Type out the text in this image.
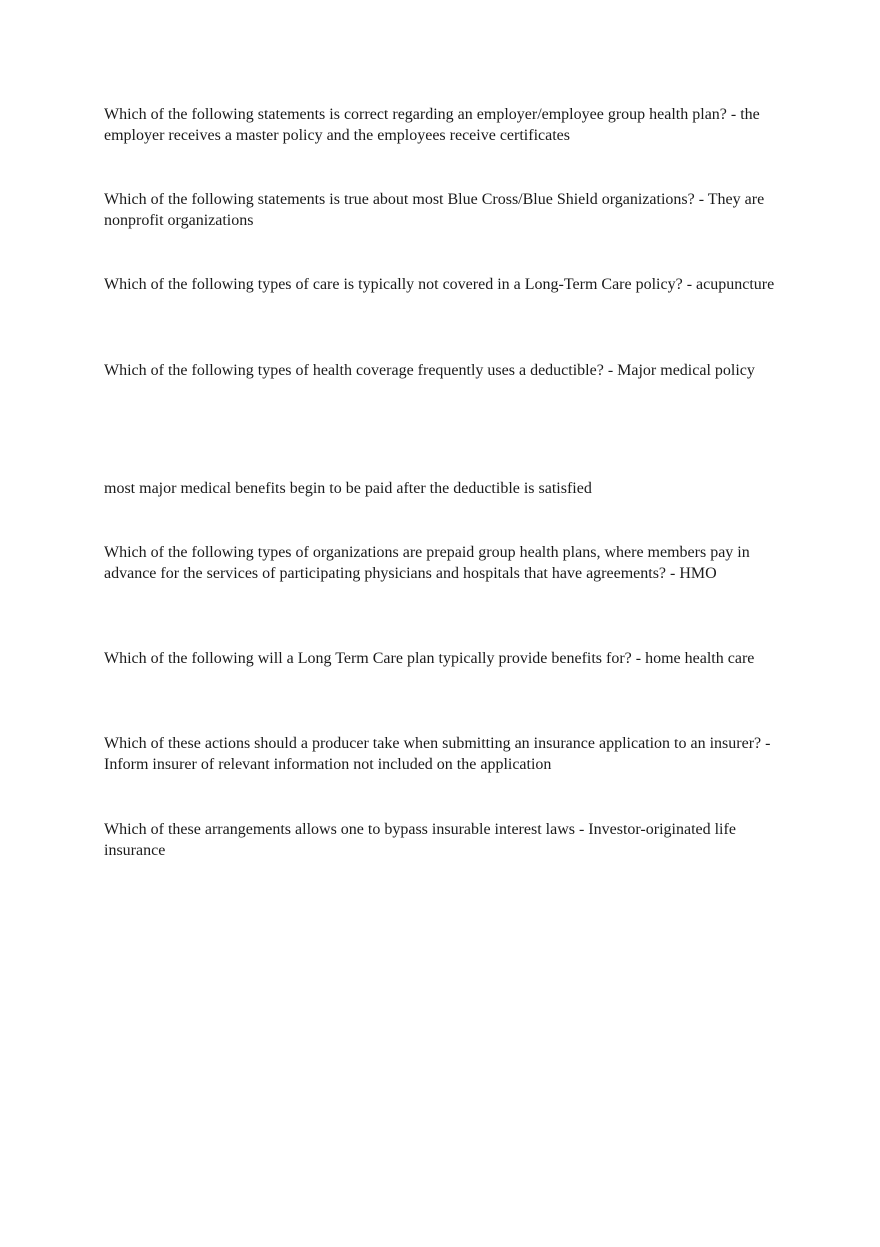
Which of the following statements is correct regarding an employer/employee group health plan? - the employer receives a master policy and the employees receive certificates

Which of the following statements is true about most Blue Cross/Blue Shield organizations? - They are nonprofit organizations

Which of the following types of care is typically not covered in a Long-Term Care policy? - acupuncture

Which of the following types of health coverage frequently uses a deductible? - Major medical policy

most major medical benefits begin to be paid after the deductible is satisfied

Which of the following types of organizations are prepaid group health plans, where members pay in advance for the services of participating physicians and hospitals that have agreements? - HMO

Which of the following will a Long Term Care plan typically provide benefits for? - home health care

Which of these actions should a producer take when submitting an insurance application to an insurer? - Inform insurer of relevant information not included on the application

Which of these arrangements allows one to bypass insurable interest laws - Investor-originated life insurance
